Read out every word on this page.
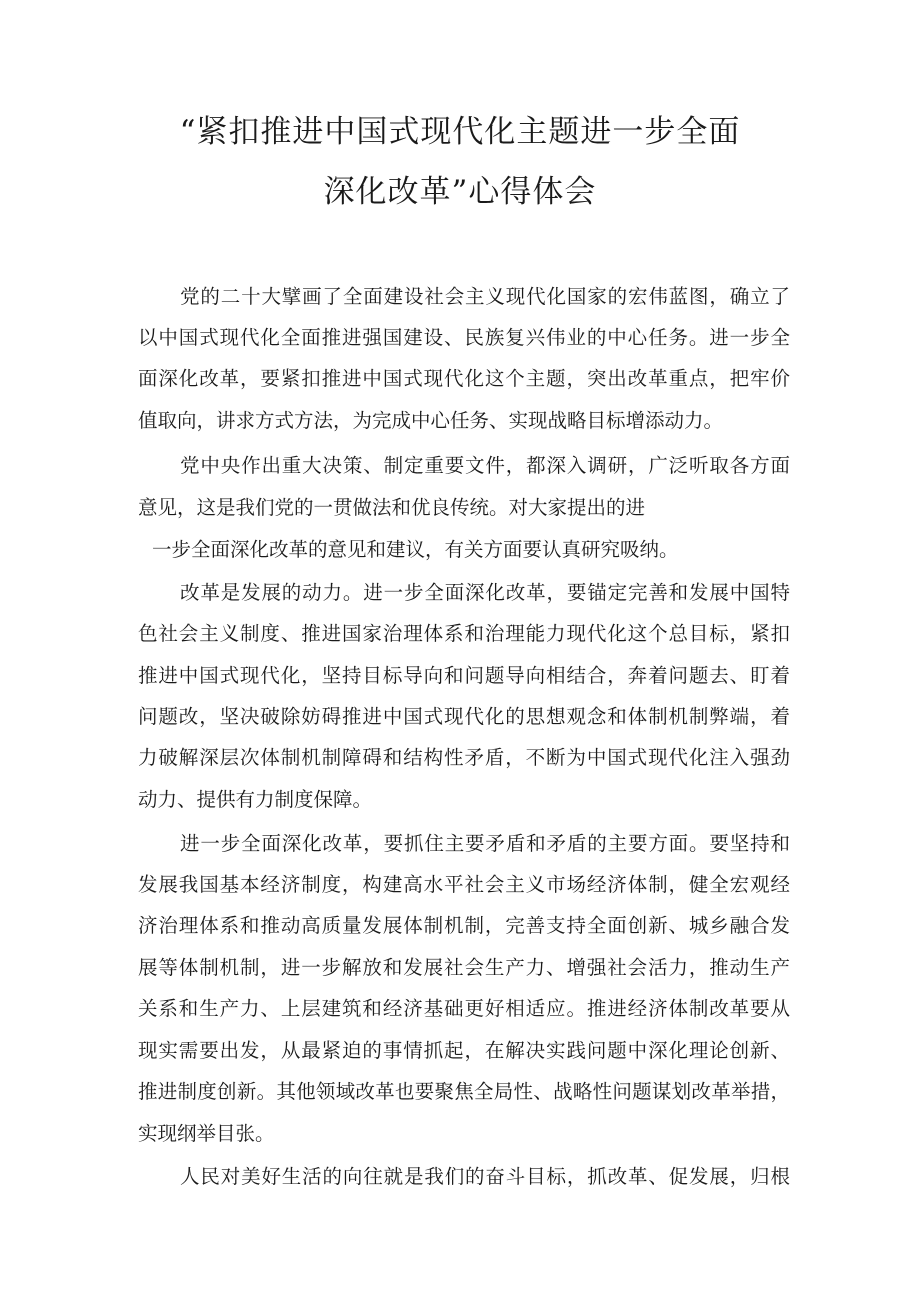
“紧扣推进中国式现代化主题进一步全面
深化改革”心得体会
党的二十大擘画了全面建设社会主义现代化国家的宏伟蓝图，确立了
以中国式现代化全面推进强国建设、民族复兴伟业的中心任务。进一步全
面深化改革，要紧扣推进中国式现代化这个主题，突出改革重点，把牢价
值取向，讲求方式方法，为完成中心任务、实现战略目标增添动力。
党中央作出重大决策、制定重要文件，都深入调研，广泛听取各方面
意见，这是我们党的一贯做法和优良传统。对大家提出的进
一步全面深化改革的意见和建议，有关方面要认真研究吸纳。
改革是发展的动力。进一步全面深化改革，要锚定完善和发展中国特
色社会主义制度、推进国家治理体系和治理能力现代化这个总目标，紧扣
推进中国式现代化，坚持目标导向和问题导向相结合，奔着问题去、盯着
问题改，坚决破除妨碍推进中国式现代化的思想观念和体制机制弊端，着
力破解深层次体制机制障碍和结构性矛盾，不断为中国式现代化注入强劲
动力、提供有力制度保障。
进一步全面深化改革，要抓住主要矛盾和矛盾的主要方面。要坚持和
发展我国基本经济制度，构建高水平社会主义市场经济体制，健全宏观经
济治理体系和推动高质量发展体制机制，完善支持全面创新、城乡融合发
展等体制机制，进一步解放和发展社会生产力、增强社会活力，推动生产
关系和生产力、上层建筑和经济基础更好相适应。推进经济体制改革要从
现实需要出发，从最紧迫的事情抓起，在解决实践问题中深化理论创新、
推进制度创新。其他领域改革也要聚焦全局性、战略性问题谋划改革举措，
实现纲举目张。
人民对美好生活的向往就是我们的奋斗目标，抓改革、促发展，归根
